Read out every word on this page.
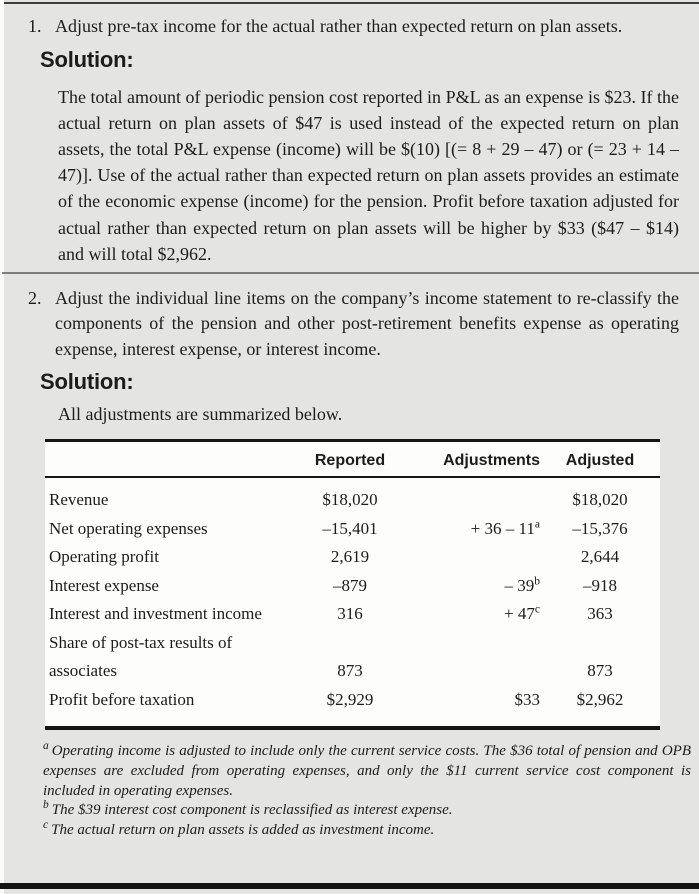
1. Adjust pre-tax income for the actual rather than expected return on plan assets.
Solution:

The total amount of periodic pension cost reported in P&L as an expense is $23. If the actual return on plan assets of $47 is used instead of the expected return on plan assets, the total P&L expense (income) will be $(10) [(= 8 + 29 – 47) or (= 23 + 14 – 47)]. Use of the actual rather than expected return on plan assets provides an estimate of the economic expense (income) for the pension. Profit before taxation adjusted for actual rather than expected return on plan assets will be higher by $33 ($47 – $14) and will total $2,962.

2. Adjust the individual line items on the company’s income statement to re-classify the components of the pension and other post-retirement benefits expense as operating expense, interest expense, or interest income.
Solution:

All adjustments are summarized below.

	Reported	Adjustments	Adjusted
Revenue	$18,020		$18,020
Net operating expenses	–15,401	+ 36 – 11$^a$	–15,376
Operating profit	2,619		2,644
Interest expense	–879	– 39$^b$	–918
Interest and investment income	316	+ $47^c$	363
Share of post-tax results of associates	873		873
Profit before taxation	$2,929	$33	$2,962

$^a$ Operating income is adjusted to include only the current service costs. The $36 total of pension and OPB expenses are excluded from operating expenses, and only the $11 current service cost component is included in operating expenses.

$^b$ The $39 interest cost component is reclassified as interest expense.

$^c$ The actual return on plan assets is added as investment income.
